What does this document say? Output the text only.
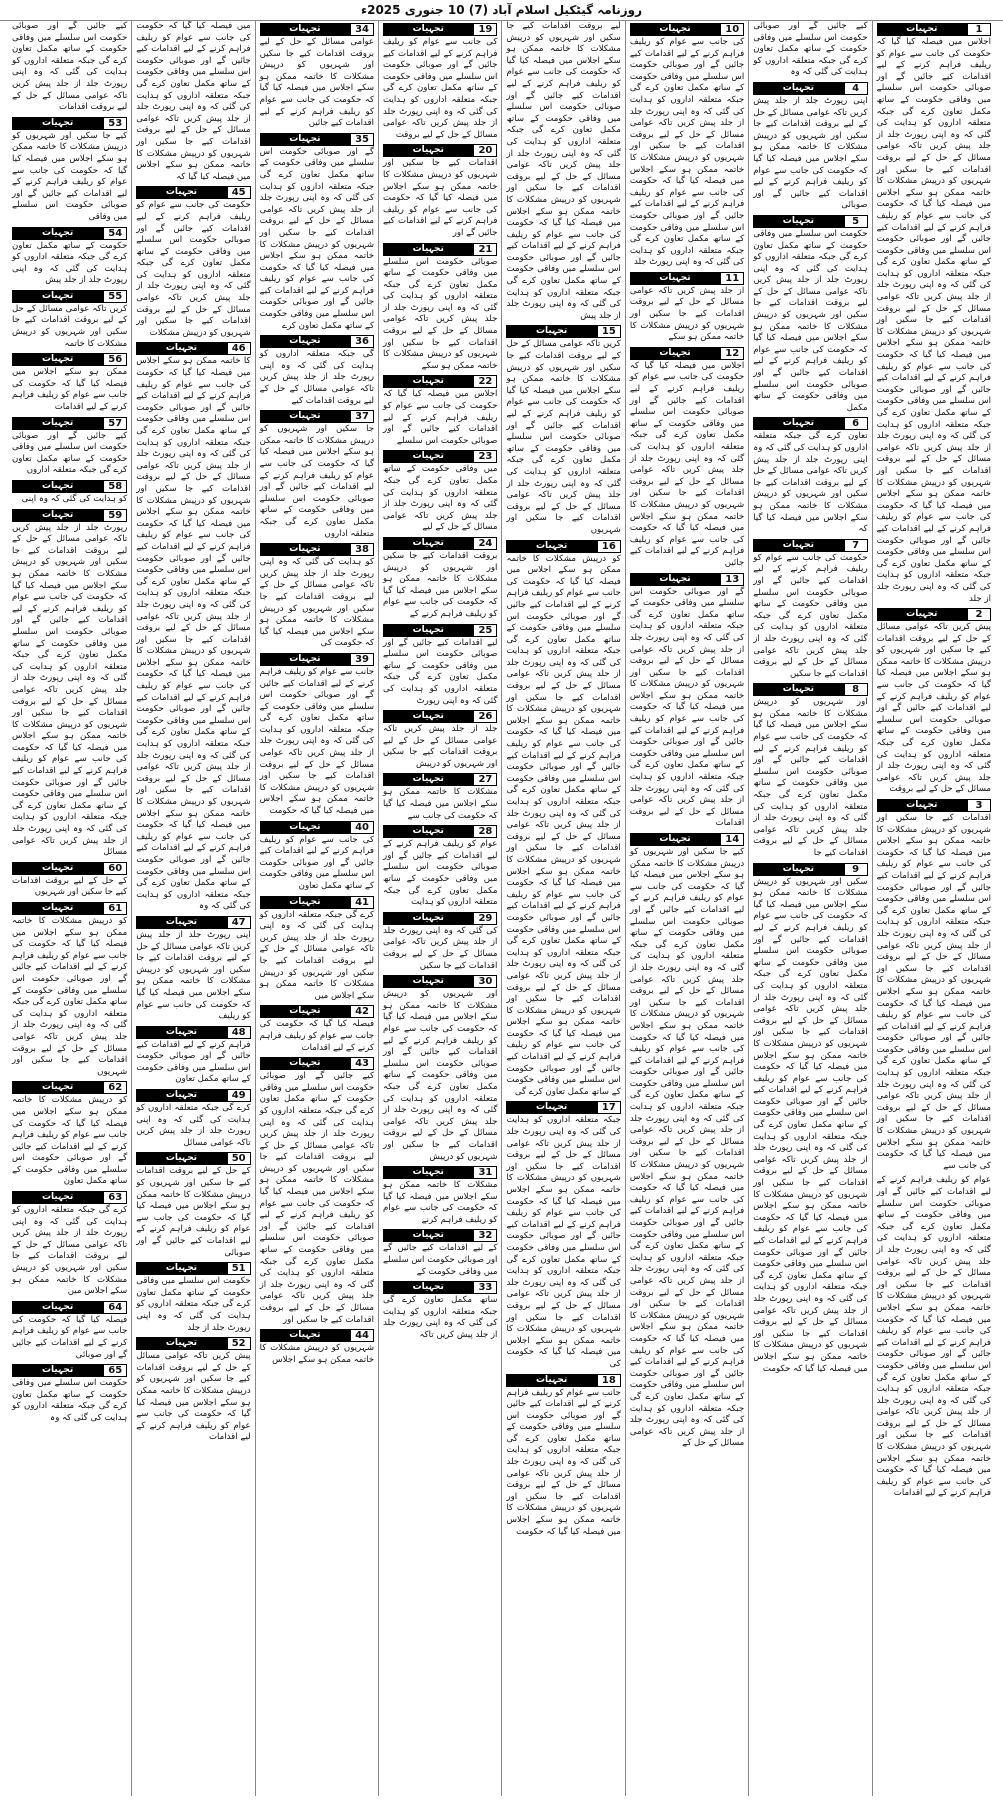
روزنامہ گیٹکیل اسلام آباد (7) 10 جنوری 2025ء
1
تجہیات

اجلاس میں فیصلہ کیا گیا کہ حکومت کی جانب سے عوام کو ریلیف فراہم کرنے کے لیے اقدامات کیے جائیں گے اور صوبائی حکومت اس سلسلے میں وفاقی حکومت کے ساتھ مکمل تعاون کرے گی جبکہ متعلقہ اداروں کو ہدایت کی گئی کہ وہ اپنی رپورٹ جلد از جلد پیش کریں تاکہ عوامی مسائل کے حل کے لیے بروقت اقدامات کیے جا سکیں اور شہریوں کو درپیش مشکلات کا خاتمہ ممکن ہو سکے اجلاس میں فیصلہ کیا گیا کہ حکومت کی جانب سے عوام کو ریلیف فراہم کرنے کے لیے اقدامات کیے جائیں گے اور صوبائی حکومت اس سلسلے میں وفاقی حکومت کے ساتھ مکمل تعاون کرے گی جبکہ متعلقہ اداروں کو ہدایت کی گئی کہ وہ اپنی رپورٹ جلد از جلد پیش کریں تاکہ عوامی مسائل کے حل کے لیے بروقت اقدامات کیے جا سکیں اور شہریوں کو درپیش مشکلات کا خاتمہ ممکن ہو سکے اجلاس میں فیصلہ کیا گیا کہ حکومت کی جانب سے عوام کو ریلیف فراہم کرنے کے لیے اقدامات کیے جائیں گے اور صوبائی حکومت اس سلسلے میں وفاقی حکومت کے ساتھ مکمل تعاون کرے گی جبکہ متعلقہ اداروں کو ہدایت کی گئی کہ وہ اپنی رپورٹ جلد از جلد پیش کریں تاکہ عوامی مسائل کے حل کے لیے بروقت اقدامات کیے جا سکیں اور شہریوں کو درپیش مشکلات کا خاتمہ ممکن ہو سکے اجلاس میں فیصلہ کیا گیا کہ حکومت کی جانب سے عوام کو ریلیف فراہم کرنے کے لیے اقدامات کیے جائیں گے اور صوبائی حکومت اس سلسلے میں وفاقی حکومت کے ساتھ مکمل تعاون کرے گی جبکہ متعلقہ اداروں کو ہدایت کی گئی کہ وہ اپنی رپورٹ جلد از جلد

2
تجہیات

پیش کریں تاکہ عوامی مسائل کے حل کے لیے بروقت اقدامات کیے جا سکیں اور شہریوں کو درپیش مشکلات کا خاتمہ ممکن ہو سکے اجلاس میں فیصلہ کیا گیا کہ حکومت کی جانب سے عوام کو ریلیف فراہم کرنے کے لیے اقدامات کیے جائیں گے اور صوبائی حکومت اس سلسلے میں وفاقی حکومت کے ساتھ مکمل تعاون کرے گی جبکہ متعلقہ اداروں کو ہدایت کی گئی کہ وہ اپنی رپورٹ جلد از جلد پیش کریں تاکہ عوامی مسائل کے حل کے لیے بروقت

3
تجہیات

اقدامات کیے جا سکیں اور شہریوں کو درپیش مشکلات کا خاتمہ ممکن ہو سکے اجلاس میں فیصلہ کیا گیا کہ حکومت کی جانب سے عوام کو ریلیف فراہم کرنے کے لیے اقدامات کیے جائیں گے اور صوبائی حکومت اس سلسلے میں وفاقی حکومت کے ساتھ مکمل تعاون کرے گی جبکہ متعلقہ اداروں کو ہدایت کی گئی کہ وہ اپنی رپورٹ جلد از جلد پیش کریں تاکہ عوامی مسائل کے حل کے لیے بروقت اقدامات کیے جا سکیں اور شہریوں کو درپیش مشکلات کا خاتمہ ممکن ہو سکے اجلاس میں فیصلہ کیا گیا کہ حکومت کی جانب سے عوام کو ریلیف فراہم کرنے کے لیے اقدامات کیے جائیں گے اور صوبائی حکومت اس سلسلے میں وفاقی حکومت کے ساتھ مکمل تعاون کرے گی جبکہ متعلقہ اداروں کو ہدایت کی گئی کہ وہ اپنی رپورٹ جلد از جلد پیش کریں تاکہ عوامی مسائل کے حل کے لیے بروقت اقدامات کیے جا سکیں اور شہریوں کو درپیش مشکلات کا خاتمہ ممکن ہو سکے اجلاس میں فیصلہ کیا گیا کہ حکومت کی جانب سے

عوام کو ریلیف فراہم کرنے کے لیے اقدامات کیے جائیں گے اور صوبائی حکومت اس سلسلے میں وفاقی حکومت کے ساتھ مکمل تعاون کرے گی جبکہ متعلقہ اداروں کو ہدایت کی گئی کہ وہ اپنی رپورٹ جلد از جلد پیش کریں تاکہ عوامی مسائل کے حل کے لیے بروقت اقدامات کیے جا سکیں اور شہریوں کو درپیش مشکلات کا خاتمہ ممکن ہو سکے اجلاس میں فیصلہ کیا گیا کہ حکومت کی جانب سے عوام کو ریلیف فراہم کرنے کے لیے اقدامات کیے جائیں گے اور صوبائی حکومت اس سلسلے میں وفاقی حکومت کے ساتھ مکمل تعاون کرے گی جبکہ متعلقہ اداروں کو ہدایت کی گئی کہ وہ اپنی رپورٹ جلد از جلد پیش کریں تاکہ عوامی مسائل کے حل کے لیے بروقت اقدامات کیے جا سکیں اور شہریوں کو درپیش مشکلات کا خاتمہ ممکن ہو سکے اجلاس میں فیصلہ کیا گیا کہ حکومت کی جانب سے عوام کو ریلیف فراہم کرنے کے لیے اقدامات

کیے جائیں گے اور صوبائی حکومت اس سلسلے میں وفاقی حکومت کے ساتھ مکمل تعاون کرے گی جبکہ متعلقہ اداروں کو ہدایت کی گئی کہ وہ

4
تجہیات

اپنی رپورٹ جلد از جلد پیش کریں تاکہ عوامی مسائل کے حل کے لیے بروقت اقدامات کیے جا سکیں اور شہریوں کو درپیش مشکلات کا خاتمہ ممکن ہو سکے اجلاس میں فیصلہ کیا گیا کہ حکومت کی جانب سے عوام کو ریلیف فراہم کرنے کے لیے اقدامات کیے جائیں گے اور صوبائی

5
تجہیات

حکومت اس سلسلے میں وفاقی حکومت کے ساتھ مکمل تعاون کرے گی جبکہ متعلقہ اداروں کو ہدایت کی گئی کہ وہ اپنی رپورٹ جلد از جلد پیش کریں تاکہ عوامی مسائل کے حل کے لیے بروقت اقدامات کیے جا سکیں اور شہریوں کو درپیش مشکلات کا خاتمہ ممکن ہو سکے اجلاس میں فیصلہ کیا گیا کہ حکومت کی جانب سے عوام کو ریلیف فراہم کرنے کے لیے اقدامات کیے جائیں گے اور صوبائی حکومت اس سلسلے میں وفاقی حکومت کے ساتھ مکمل

6
تجہیات

تعاون کرے گی جبکہ متعلقہ اداروں کو ہدایت کی گئی کہ وہ اپنی رپورٹ جلد از جلد پیش کریں تاکہ عوامی مسائل کے حل کے لیے بروقت اقدامات کیے جا سکیں اور شہریوں کو درپیش مشکلات کا خاتمہ ممکن ہو سکے اجلاس میں فیصلہ کیا گیا کہ

7
تجہیات

حکومت کی جانب سے عوام کو ریلیف فراہم کرنے کے لیے اقدامات کیے جائیں گے اور صوبائی حکومت اس سلسلے میں وفاقی حکومت کے ساتھ مکمل تعاون کرے گی جبکہ متعلقہ اداروں کو ہدایت کی گئی کہ وہ اپنی رپورٹ جلد از جلد پیش کریں تاکہ عوامی مسائل کے حل کے لیے بروقت اقدامات کیے جا سکیں

8
تجہیات

اور شہریوں کو درپیش مشکلات کا خاتمہ ممکن ہو سکے اجلاس میں فیصلہ کیا گیا کہ حکومت کی جانب سے عوام کو ریلیف فراہم کرنے کے لیے اقدامات کیے جائیں گے اور صوبائی حکومت اس سلسلے میں وفاقی حکومت کے ساتھ مکمل تعاون کرے گی جبکہ متعلقہ اداروں کو ہدایت کی گئی کہ وہ اپنی رپورٹ جلد از جلد پیش کریں تاکہ عوامی مسائل کے حل کے لیے بروقت اقدامات کیے جا

9
تجہیات

سکیں اور شہریوں کو درپیش مشکلات کا خاتمہ ممکن ہو سکے اجلاس میں فیصلہ کیا گیا کہ حکومت کی جانب سے عوام کو ریلیف فراہم کرنے کے لیے اقدامات کیے جائیں گے اور صوبائی حکومت اس سلسلے میں وفاقی حکومت کے ساتھ مکمل تعاون کرے گی جبکہ متعلقہ اداروں کو ہدایت کی گئی کہ وہ اپنی رپورٹ جلد از جلد پیش کریں تاکہ عوامی مسائل کے حل کے لیے بروقت اقدامات کیے جا سکیں اور شہریوں کو درپیش مشکلات کا خاتمہ ممکن ہو سکے اجلاس میں فیصلہ کیا گیا کہ حکومت کی جانب سے عوام کو ریلیف فراہم کرنے کے لیے اقدامات کیے جائیں گے اور صوبائی حکومت اس سلسلے میں وفاقی حکومت کے ساتھ مکمل تعاون کرے گی جبکہ متعلقہ اداروں کو ہدایت کی گئی کہ وہ اپنی رپورٹ جلد از جلد پیش کریں تاکہ عوامی مسائل کے حل کے لیے بروقت اقدامات کیے جا سکیں اور شہریوں کو درپیش مشکلات کا خاتمہ ممکن ہو سکے اجلاس میں فیصلہ کیا گیا کہ حکومت کی جانب سے عوام کو ریلیف فراہم کرنے کے لیے اقدامات کیے جائیں گے اور صوبائی حکومت اس سلسلے میں وفاقی حکومت کے ساتھ مکمل تعاون کرے گی جبکہ متعلقہ اداروں کو ہدایت کی گئی کہ وہ اپنی رپورٹ جلد از جلد پیش کریں تاکہ عوامی مسائل کے حل کے لیے بروقت اقدامات کیے جا سکیں اور شہریوں کو درپیش مشکلات کا خاتمہ ممکن ہو سکے اجلاس میں فیصلہ کیا گیا کہ حکومت

10
تجہیات

کی جانب سے عوام کو ریلیف فراہم کرنے کے لیے اقدامات کیے جائیں گے اور صوبائی حکومت اس سلسلے میں وفاقی حکومت کے ساتھ مکمل تعاون کرے گی جبکہ متعلقہ اداروں کو ہدایت کی گئی کہ وہ اپنی رپورٹ جلد از جلد پیش کریں تاکہ عوامی مسائل کے حل کے لیے بروقت اقدامات کیے جا سکیں اور شہریوں کو درپیش مشکلات کا خاتمہ ممکن ہو سکے اجلاس میں فیصلہ کیا گیا کہ حکومت کی جانب سے عوام کو ریلیف فراہم کرنے کے لیے اقدامات کیے جائیں گے اور صوبائی حکومت اس سلسلے میں وفاقی حکومت کے ساتھ مکمل تعاون کرے گی جبکہ متعلقہ اداروں کو ہدایت کی گئی کہ وہ اپنی رپورٹ جلد

11
تجہیات

از جلد پیش کریں تاکہ عوامی مسائل کے حل کے لیے بروقت اقدامات کیے جا سکیں اور شہریوں کو درپیش مشکلات کا خاتمہ ممکن ہو سکے

12
تجہیات

اجلاس میں فیصلہ کیا گیا کہ حکومت کی جانب سے عوام کو ریلیف فراہم کرنے کے لیے اقدامات کیے جائیں گے اور صوبائی حکومت اس سلسلے میں وفاقی حکومت کے ساتھ مکمل تعاون کرے گی جبکہ متعلقہ اداروں کو ہدایت کی گئی کہ وہ اپنی رپورٹ جلد از جلد پیش کریں تاکہ عوامی مسائل کے حل کے لیے بروقت اقدامات کیے جا سکیں اور شہریوں کو درپیش مشکلات کا خاتمہ ممکن ہو سکے اجلاس میں فیصلہ کیا گیا کہ حکومت کی جانب سے عوام کو ریلیف فراہم کرنے کے لیے اقدامات کیے جائیں

13
تجہیات

گے اور صوبائی حکومت اس سلسلے میں وفاقی حکومت کے ساتھ مکمل تعاون کرے گی جبکہ متعلقہ اداروں کو ہدایت کی گئی کہ وہ اپنی رپورٹ جلد از جلد پیش کریں تاکہ عوامی مسائل کے حل کے لیے بروقت اقدامات کیے جا سکیں اور شہریوں کو درپیش مشکلات کا خاتمہ ممکن ہو سکے اجلاس میں فیصلہ کیا گیا کہ حکومت کی جانب سے عوام کو ریلیف فراہم کرنے کے لیے اقدامات کیے جائیں گے اور صوبائی حکومت اس سلسلے میں وفاقی حکومت کے ساتھ مکمل تعاون کرے گی جبکہ متعلقہ اداروں کو ہدایت کی گئی کہ وہ اپنی رپورٹ جلد از جلد پیش کریں تاکہ عوامی مسائل کے حل کے لیے بروقت اقدامات

14
تجہیات

کیے جا سکیں اور شہریوں کو درپیش مشکلات کا خاتمہ ممکن ہو سکے اجلاس میں فیصلہ کیا گیا کہ حکومت کی جانب سے عوام کو ریلیف فراہم کرنے کے لیے اقدامات کیے جائیں گے اور صوبائی حکومت اس سلسلے میں وفاقی حکومت کے ساتھ مکمل تعاون کرے گی جبکہ متعلقہ اداروں کو ہدایت کی گئی کہ وہ اپنی رپورٹ جلد از جلد پیش کریں تاکہ عوامی مسائل کے حل کے لیے بروقت اقدامات کیے جا سکیں اور شہریوں کو درپیش مشکلات کا خاتمہ ممکن ہو سکے اجلاس میں فیصلہ کیا گیا کہ حکومت کی جانب سے عوام کو ریلیف فراہم کرنے کے لیے اقدامات کیے جائیں گے اور صوبائی حکومت اس سلسلے میں وفاقی حکومت کے ساتھ مکمل تعاون کرے گی جبکہ متعلقہ اداروں کو ہدایت کی گئی کہ وہ اپنی رپورٹ جلد از جلد پیش کریں تاکہ عوامی مسائل کے حل کے لیے بروقت اقدامات کیے جا سکیں اور شہریوں کو درپیش مشکلات کا خاتمہ ممکن ہو سکے اجلاس میں فیصلہ کیا گیا کہ حکومت کی جانب سے عوام کو ریلیف فراہم کرنے کے لیے اقدامات کیے جائیں گے اور صوبائی حکومت اس سلسلے میں وفاقی حکومت کے ساتھ مکمل تعاون کرے گی جبکہ متعلقہ اداروں کو ہدایت کی گئی کہ وہ اپنی رپورٹ جلد از جلد پیش کریں تاکہ عوامی مسائل کے حل کے لیے بروقت اقدامات کیے جا سکیں اور شہریوں کو درپیش مشکلات کا خاتمہ ممکن ہو سکے اجلاس میں فیصلہ کیا گیا کہ حکومت کی جانب سے عوام کو ریلیف فراہم کرنے کے لیے اقدامات کیے جائیں گے اور صوبائی حکومت اس سلسلے میں وفاقی حکومت کے ساتھ مکمل تعاون کرے گی جبکہ متعلقہ اداروں کو ہدایت کی گئی کہ وہ اپنی رپورٹ جلد از جلد پیش کریں تاکہ عوامی مسائل کے حل کے

لیے بروقت اقدامات کیے جا سکیں اور شہریوں کو درپیش مشکلات کا خاتمہ ممکن ہو سکے اجلاس میں فیصلہ کیا گیا کہ حکومت کی جانب سے عوام کو ریلیف فراہم کرنے کے لیے اقدامات کیے جائیں گے اور صوبائی حکومت اس سلسلے میں وفاقی حکومت کے ساتھ مکمل تعاون کرے گی جبکہ متعلقہ اداروں کو ہدایت کی گئی کہ وہ اپنی رپورٹ جلد از جلد پیش کریں تاکہ عوامی مسائل کے حل کے لیے بروقت اقدامات کیے جا سکیں اور شہریوں کو درپیش مشکلات کا خاتمہ ممکن ہو سکے اجلاس میں فیصلہ کیا گیا کہ حکومت کی جانب سے عوام کو ریلیف فراہم کرنے کے لیے اقدامات کیے جائیں گے اور صوبائی حکومت اس سلسلے میں وفاقی حکومت کے ساتھ مکمل تعاون کرے گی جبکہ متعلقہ اداروں کو ہدایت کی گئی کہ وہ اپنی رپورٹ جلد از جلد پیش

15
تجہیات

کریں تاکہ عوامی مسائل کے حل کے لیے بروقت اقدامات کیے جا سکیں اور شہریوں کو درپیش مشکلات کا خاتمہ ممکن ہو سکے اجلاس میں فیصلہ کیا گیا کہ حکومت کی جانب سے عوام کو ریلیف فراہم کرنے کے لیے اقدامات کیے جائیں گے اور صوبائی حکومت اس سلسلے میں وفاقی حکومت کے ساتھ مکمل تعاون کرے گی جبکہ متعلقہ اداروں کو ہدایت کی گئی کہ وہ اپنی رپورٹ جلد از جلد پیش کریں تاکہ عوامی مسائل کے حل کے لیے بروقت اقدامات کیے جا سکیں اور شہریوں

16
تجہیات

کو درپیش مشکلات کا خاتمہ ممکن ہو سکے اجلاس میں فیصلہ کیا گیا کہ حکومت کی جانب سے عوام کو ریلیف فراہم کرنے کے لیے اقدامات کیے جائیں گے اور صوبائی حکومت اس سلسلے میں وفاقی حکومت کے ساتھ مکمل تعاون کرے گی جبکہ متعلقہ اداروں کو ہدایت کی گئی کہ وہ اپنی رپورٹ جلد از جلد پیش کریں تاکہ عوامی مسائل کے حل کے لیے بروقت اقدامات کیے جا سکیں اور شہریوں کو درپیش مشکلات کا خاتمہ ممکن ہو سکے اجلاس میں فیصلہ کیا گیا کہ حکومت کی جانب سے عوام کو ریلیف فراہم کرنے کے لیے اقدامات کیے جائیں گے اور صوبائی حکومت اس سلسلے میں وفاقی حکومت کے ساتھ مکمل تعاون کرے گی جبکہ متعلقہ اداروں کو ہدایت کی گئی کہ وہ اپنی رپورٹ جلد از جلد پیش کریں تاکہ عوامی مسائل کے حل کے لیے بروقت اقدامات کیے جا سکیں اور شہریوں کو درپیش مشکلات کا خاتمہ ممکن ہو سکے اجلاس میں فیصلہ کیا گیا کہ حکومت کی جانب سے عوام کو ریلیف فراہم کرنے کے لیے اقدامات کیے جائیں گے اور صوبائی حکومت اس سلسلے میں وفاقی حکومت کے ساتھ مکمل تعاون کرے گی جبکہ متعلقہ اداروں کو ہدایت کی گئی کہ وہ اپنی رپورٹ جلد از جلد پیش کریں تاکہ عوامی مسائل کے حل کے لیے بروقت اقدامات کیے جا سکیں اور شہریوں کو درپیش مشکلات کا خاتمہ ممکن ہو سکے اجلاس میں فیصلہ کیا گیا کہ حکومت کی جانب سے عوام کو ریلیف فراہم کرنے کے لیے اقدامات کیے جائیں گے اور صوبائی حکومت اس سلسلے میں وفاقی حکومت کے ساتھ مکمل تعاون کرے گی

17
تجہیات

جبکہ متعلقہ اداروں کو ہدایت کی گئی کہ وہ اپنی رپورٹ جلد از جلد پیش کریں تاکہ عوامی مسائل کے حل کے لیے بروقت اقدامات کیے جا سکیں اور شہریوں کو درپیش مشکلات کا خاتمہ ممکن ہو سکے اجلاس میں فیصلہ کیا گیا کہ حکومت کی جانب سے عوام کو ریلیف فراہم کرنے کے لیے اقدامات کیے جائیں گے اور صوبائی حکومت اس سلسلے میں وفاقی حکومت کے ساتھ مکمل تعاون کرے گی جبکہ متعلقہ اداروں کو ہدایت کی گئی کہ وہ اپنی رپورٹ جلد از جلد پیش کریں تاکہ عوامی مسائل کے حل کے لیے بروقت اقدامات کیے جا سکیں اور شہریوں کو درپیش مشکلات کا خاتمہ ممکن ہو سکے اجلاس میں فیصلہ کیا گیا کہ حکومت کی

18
تجہیات

جانب سے عوام کو ریلیف فراہم کرنے کے لیے اقدامات کیے جائیں گے اور صوبائی حکومت اس سلسلے میں وفاقی حکومت کے ساتھ مکمل تعاون کرے گی جبکہ متعلقہ اداروں کو ہدایت کی گئی کہ وہ اپنی رپورٹ جلد از جلد پیش کریں تاکہ عوامی مسائل کے حل کے لیے بروقت اقدامات کیے جا سکیں اور شہریوں کو درپیش مشکلات کا خاتمہ ممکن ہو سکے اجلاس میں فیصلہ کیا گیا کہ حکومت

19
تجہیات

کی جانب سے عوام کو ریلیف فراہم کرنے کے لیے اقدامات کیے جائیں گے اور صوبائی حکومت اس سلسلے میں وفاقی حکومت کے ساتھ مکمل تعاون کرے گی جبکہ متعلقہ اداروں کو ہدایت کی گئی کہ وہ اپنی رپورٹ جلد از جلد پیش کریں تاکہ عوامی مسائل کے حل کے لیے بروقت

20
تجہیات

اقدامات کیے جا سکیں اور شہریوں کو درپیش مشکلات کا خاتمہ ممکن ہو سکے اجلاس میں فیصلہ کیا گیا کہ حکومت کی جانب سے عوام کو ریلیف فراہم کرنے کے لیے اقدامات کیے جائیں گے اور

21
تجہیات

صوبائی حکومت اس سلسلے میں وفاقی حکومت کے ساتھ مکمل تعاون کرے گی جبکہ متعلقہ اداروں کو ہدایت کی گئی کہ وہ اپنی رپورٹ جلد از جلد پیش کریں تاکہ عوامی مسائل کے حل کے لیے بروقت اقدامات کیے جا سکیں اور شہریوں کو درپیش مشکلات کا خاتمہ ممکن ہو سکے

22
تجہیات

اجلاس میں فیصلہ کیا گیا کہ حکومت کی جانب سے عوام کو ریلیف فراہم کرنے کے لیے اقدامات کیے جائیں گے اور صوبائی حکومت اس سلسلے

23
تجہیات

میں وفاقی حکومت کے ساتھ مکمل تعاون کرے گی جبکہ متعلقہ اداروں کو ہدایت کی گئی کہ وہ اپنی رپورٹ جلد از جلد پیش کریں تاکہ عوامی مسائل کے حل کے لیے

24
تجہیات

بروقت اقدامات کیے جا سکیں اور شہریوں کو درپیش مشکلات کا خاتمہ ممکن ہو سکے اجلاس میں فیصلہ کیا گیا کہ حکومت کی جانب سے عوام کو ریلیف فراہم کرنے کے

25
تجہیات

لیے اقدامات کیے جائیں گے اور صوبائی حکومت اس سلسلے میں وفاقی حکومت کے ساتھ مکمل تعاون کرے گی جبکہ متعلقہ اداروں کو ہدایت کی گئی کہ وہ اپنی رپورٹ

26
تجہیات

جلد از جلد پیش کریں تاکہ عوامی مسائل کے حل کے لیے بروقت اقدامات کیے جا سکیں اور شہریوں کو درپیش

27
تجہیات

مشکلات کا خاتمہ ممکن ہو سکے اجلاس میں فیصلہ کیا گیا کہ حکومت کی جانب سے

28
تجہیات

عوام کو ریلیف فراہم کرنے کے لیے اقدامات کیے جائیں گے اور صوبائی حکومت اس سلسلے میں وفاقی حکومت کے ساتھ مکمل تعاون کرے گی جبکہ متعلقہ اداروں کو ہدایت

29
تجہیات

کی گئی کہ وہ اپنی رپورٹ جلد از جلد پیش کریں تاکہ عوامی مسائل کے حل کے لیے بروقت اقدامات کیے جا سکیں

30
تجہیات

اور شہریوں کو درپیش مشکلات کا خاتمہ ممکن ہو سکے اجلاس میں فیصلہ کیا گیا کہ حکومت کی جانب سے عوام کو ریلیف فراہم کرنے کے لیے اقدامات کیے جائیں گے اور صوبائی حکومت اس سلسلے میں وفاقی حکومت کے ساتھ مکمل تعاون کرے گی جبکہ متعلقہ اداروں کو ہدایت کی گئی کہ وہ اپنی رپورٹ جلد از جلد پیش کریں تاکہ عوامی مسائل کے حل کے لیے بروقت اقدامات کیے جا سکیں اور شہریوں کو درپیش

31
تجہیات

مشکلات کا خاتمہ ممکن ہو سکے اجلاس میں فیصلہ کیا گیا کہ حکومت کی جانب سے عوام کو ریلیف فراہم کرنے

32
تجہیات

کے لیے اقدامات کیے جائیں گے اور صوبائی حکومت اس سلسلے میں وفاقی حکومت کے

33
تجہیات

ساتھ مکمل تعاون کرے گی جبکہ متعلقہ اداروں کو ہدایت کی گئی کہ وہ اپنی رپورٹ جلد از جلد پیش کریں تاکہ

34
تجہیات

عوامی مسائل کے حل کے لیے بروقت اقدامات کیے جا سکیں اور شہریوں کو درپیش مشکلات کا خاتمہ ممکن ہو سکے اجلاس میں فیصلہ کیا گیا کہ حکومت کی جانب سے عوام کو ریلیف فراہم کرنے کے لیے اقدامات کیے جائیں

35
تجہیات

گے اور صوبائی حکومت اس سلسلے میں وفاقی حکومت کے ساتھ مکمل تعاون کرے گی جبکہ متعلقہ اداروں کو ہدایت کی گئی کہ وہ اپنی رپورٹ جلد از جلد پیش کریں تاکہ عوامی مسائل کے حل کے لیے بروقت اقدامات کیے جا سکیں اور شہریوں کو درپیش مشکلات کا خاتمہ ممکن ہو سکے اجلاس میں فیصلہ کیا گیا کہ حکومت کی جانب سے عوام کو ریلیف فراہم کرنے کے لیے اقدامات کیے جائیں گے اور صوبائی حکومت اس سلسلے میں وفاقی حکومت کے ساتھ مکمل تعاون کرے

36
تجہیات

گی جبکہ متعلقہ اداروں کو ہدایت کی گئی کہ وہ اپنی رپورٹ جلد از جلد پیش کریں تاکہ عوامی مسائل کے حل کے لیے بروقت اقدامات کیے

37
تجہیات

جا سکیں اور شہریوں کو درپیش مشکلات کا خاتمہ ممکن ہو سکے اجلاس میں فیصلہ کیا گیا کہ حکومت کی جانب سے عوام کو ریلیف فراہم کرنے کے لیے اقدامات کیے جائیں گے اور صوبائی حکومت اس سلسلے میں وفاقی حکومت کے ساتھ مکمل تعاون کرے گی جبکہ متعلقہ اداروں

38
تجہیات

کو ہدایت کی گئی کہ وہ اپنی رپورٹ جلد از جلد پیش کریں تاکہ عوامی مسائل کے حل کے لیے بروقت اقدامات کیے جا سکیں اور شہریوں کو درپیش مشکلات کا خاتمہ ممکن ہو سکے اجلاس میں فیصلہ کیا گیا کہ حکومت کی

39
تجہیات

جانب سے عوام کو ریلیف فراہم کرنے کے لیے اقدامات کیے جائیں گے اور صوبائی حکومت اس سلسلے میں وفاقی حکومت کے ساتھ مکمل تعاون کرے گی جبکہ متعلقہ اداروں کو ہدایت کی گئی کہ وہ اپنی رپورٹ جلد از جلد پیش کریں تاکہ عوامی مسائل کے حل کے لیے بروقت اقدامات کیے جا سکیں اور شہریوں کو درپیش مشکلات کا خاتمہ ممکن ہو سکے اجلاس میں فیصلہ کیا گیا کہ حکومت

40
تجہیات

کی جانب سے عوام کو ریلیف فراہم کرنے کے لیے اقدامات کیے جائیں گے اور صوبائی حکومت اس سلسلے میں وفاقی حکومت کے ساتھ مکمل تعاون

41
تجہیات

کرے گی جبکہ متعلقہ اداروں کو ہدایت کی گئی کہ وہ اپنی رپورٹ جلد از جلد پیش کریں تاکہ عوامی مسائل کے حل کے لیے بروقت اقدامات کیے جا سکیں اور شہریوں کو درپیش مشکلات کا خاتمہ ممکن ہو سکے اجلاس میں

42
تجہیات

فیصلہ کیا گیا کہ حکومت کی جانب سے عوام کو ریلیف فراہم کرنے کے لیے اقدامات

43
تجہیات

کیے جائیں گے اور صوبائی حکومت اس سلسلے میں وفاقی حکومت کے ساتھ مکمل تعاون کرے گی جبکہ متعلقہ اداروں کو ہدایت کی گئی کہ وہ اپنی رپورٹ جلد از جلد پیش کریں تاکہ عوامی مسائل کے حل کے لیے بروقت اقدامات کیے جا سکیں اور شہریوں کو درپیش مشکلات کا خاتمہ ممکن ہو سکے اجلاس میں فیصلہ کیا گیا کہ حکومت کی جانب سے عوام کو ریلیف فراہم کرنے کے لیے اقدامات کیے جائیں گے اور صوبائی حکومت اس سلسلے میں وفاقی حکومت کے ساتھ مکمل تعاون کرے گی جبکہ متعلقہ اداروں کو ہدایت کی گئی کہ وہ اپنی رپورٹ جلد از جلد پیش کریں تاکہ عوامی مسائل کے حل کے لیے بروقت اقدامات کیے جا سکیں اور

44
تجہیات

شہریوں کو درپیش مشکلات کا خاتمہ ممکن ہو سکے اجلاس

میں فیصلہ کیا گیا کہ حکومت کی جانب سے عوام کو ریلیف فراہم کرنے کے لیے اقدامات کیے جائیں گے اور صوبائی حکومت اس سلسلے میں وفاقی حکومت کے ساتھ مکمل تعاون کرے گی جبکہ متعلقہ اداروں کو ہدایت کی گئی کہ وہ اپنی رپورٹ جلد از جلد پیش کریں تاکہ عوامی مسائل کے حل کے لیے بروقت اقدامات کیے جا سکیں اور شہریوں کو درپیش مشکلات کا خاتمہ ممکن ہو سکے اجلاس میں فیصلہ کیا گیا کہ

45
تجہیات

حکومت کی جانب سے عوام کو ریلیف فراہم کرنے کے لیے اقدامات کیے جائیں گے اور صوبائی حکومت اس سلسلے میں وفاقی حکومت کے ساتھ مکمل تعاون کرے گی جبکہ متعلقہ اداروں کو ہدایت کی گئی کہ وہ اپنی رپورٹ جلد از جلد پیش کریں تاکہ عوامی مسائل کے حل کے لیے بروقت اقدامات کیے جا سکیں اور شہریوں کو درپیش مشکلات

46
تجہیات

کا خاتمہ ممکن ہو سکے اجلاس میں فیصلہ کیا گیا کہ حکومت کی جانب سے عوام کو ریلیف فراہم کرنے کے لیے اقدامات کیے جائیں گے اور صوبائی حکومت اس سلسلے میں وفاقی حکومت کے ساتھ مکمل تعاون کرے گی جبکہ متعلقہ اداروں کو ہدایت کی گئی کہ وہ اپنی رپورٹ جلد از جلد پیش کریں تاکہ عوامی مسائل کے حل کے لیے بروقت اقدامات کیے جا سکیں اور شہریوں کو درپیش مشکلات کا خاتمہ ممکن ہو سکے اجلاس میں فیصلہ کیا گیا کہ حکومت کی جانب سے عوام کو ریلیف فراہم کرنے کے لیے اقدامات کیے جائیں گے اور صوبائی حکومت اس سلسلے میں وفاقی حکومت کے ساتھ مکمل تعاون کرے گی جبکہ متعلقہ اداروں کو ہدایت کی گئی کہ وہ اپنی رپورٹ جلد از جلد پیش کریں تاکہ عوامی مسائل کے حل کے لیے بروقت اقدامات کیے جا سکیں اور شہریوں کو درپیش مشکلات کا خاتمہ ممکن ہو سکے اجلاس میں فیصلہ کیا گیا کہ حکومت کی جانب سے عوام کو ریلیف فراہم کرنے کے لیے اقدامات کیے جائیں گے اور صوبائی حکومت اس سلسلے میں وفاقی حکومت کے ساتھ مکمل تعاون کرے گی جبکہ متعلقہ اداروں کو ہدایت کی گئی کہ وہ اپنی رپورٹ جلد از جلد پیش کریں تاکہ عوامی مسائل کے حل کے لیے بروقت اقدامات کیے جا سکیں اور شہریوں کو درپیش مشکلات کا خاتمہ ممکن ہو سکے اجلاس میں فیصلہ کیا گیا کہ حکومت کی جانب سے عوام کو ریلیف فراہم کرنے کے لیے اقدامات کیے جائیں گے اور صوبائی حکومت اس سلسلے میں وفاقی حکومت کے ساتھ مکمل تعاون کرے گی جبکہ متعلقہ اداروں کو ہدایت کی گئی کہ وہ

47
تجہیات

اپنی رپورٹ جلد از جلد پیش کریں تاکہ عوامی مسائل کے حل کے لیے بروقت اقدامات کیے جا سکیں اور شہریوں کو درپیش مشکلات کا خاتمہ ممکن ہو سکے اجلاس میں فیصلہ کیا گیا کہ حکومت کی جانب سے عوام کو ریلیف

48
تجہیات

فراہم کرنے کے لیے اقدامات کیے جائیں گے اور صوبائی حکومت اس سلسلے میں وفاقی حکومت کے ساتھ مکمل تعاون

49
تجہیات

کرے گی جبکہ متعلقہ اداروں کو ہدایت کی گئی کہ وہ اپنی رپورٹ جلد از جلد پیش کریں تاکہ عوامی مسائل

50
تجہیات

کے حل کے لیے بروقت اقدامات کیے جا سکیں اور شہریوں کو درپیش مشکلات کا خاتمہ ممکن ہو سکے اجلاس میں فیصلہ کیا گیا کہ حکومت کی جانب سے عوام کو ریلیف فراہم کرنے کے لیے اقدامات کیے جائیں گے اور صوبائی

51
تجہیات

حکومت اس سلسلے میں وفاقی حکومت کے ساتھ مکمل تعاون کرے گی جبکہ متعلقہ اداروں کو ہدایت کی گئی کہ وہ اپنی رپورٹ جلد از جلد

52
تجہیات

پیش کریں تاکہ عوامی مسائل کے حل کے لیے بروقت اقدامات کیے جا سکیں اور شہریوں کو درپیش مشکلات کا خاتمہ ممکن ہو سکے اجلاس میں فیصلہ کیا گیا کہ حکومت کی جانب سے عوام کو ریلیف فراہم کرنے کے لیے اقدامات

کیے جائیں گے اور صوبائی حکومت اس سلسلے میں وفاقی حکومت کے ساتھ مکمل تعاون کرے گی جبکہ متعلقہ اداروں کو ہدایت کی گئی کہ وہ اپنی رپورٹ جلد از جلد پیش کریں تاکہ عوامی مسائل کے حل کے لیے بروقت اقدامات

53
تجہیات

کیے جا سکیں اور شہریوں کو درپیش مشکلات کا خاتمہ ممکن ہو سکے اجلاس میں فیصلہ کیا گیا کہ حکومت کی جانب سے عوام کو ریلیف فراہم کرنے کے لیے اقدامات کیے جائیں گے اور صوبائی حکومت اس سلسلے میں وفاقی

54
تجہیات

حکومت کے ساتھ مکمل تعاون کرے گی جبکہ متعلقہ اداروں کو ہدایت کی گئی کہ وہ اپنی رپورٹ جلد از جلد پیش

55
تجہیات

کریں تاکہ عوامی مسائل کے حل کے لیے بروقت اقدامات کیے جا سکیں اور شہریوں کو درپیش مشکلات کا خاتمہ

56
تجہیات

ممکن ہو سکے اجلاس میں فیصلہ کیا گیا کہ حکومت کی جانب سے عوام کو ریلیف فراہم کرنے کے لیے اقدامات

57
تجہیات

کیے جائیں گے اور صوبائی حکومت اس سلسلے میں وفاقی حکومت کے ساتھ مکمل تعاون کرے گی جبکہ متعلقہ اداروں

58
تجہیات

کو ہدایت کی گئی کہ وہ اپنی

59
تجہیات

رپورٹ جلد از جلد پیش کریں تاکہ عوامی مسائل کے حل کے لیے بروقت اقدامات کیے جا سکیں اور شہریوں کو درپیش مشکلات کا خاتمہ ممکن ہو سکے اجلاس میں فیصلہ کیا گیا کہ حکومت کی جانب سے عوام کو ریلیف فراہم کرنے کے لیے اقدامات کیے جائیں گے اور صوبائی حکومت اس سلسلے میں وفاقی حکومت کے ساتھ مکمل تعاون کرے گی جبکہ متعلقہ اداروں کو ہدایت کی گئی کہ وہ اپنی رپورٹ جلد از جلد پیش کریں تاکہ عوامی مسائل کے حل کے لیے بروقت اقدامات کیے جا سکیں اور شہریوں کو درپیش مشکلات کا خاتمہ ممکن ہو سکے اجلاس میں فیصلہ کیا گیا کہ حکومت کی جانب سے عوام کو ریلیف فراہم کرنے کے لیے اقدامات کیے جائیں گے اور صوبائی حکومت اس سلسلے میں وفاقی حکومت کے ساتھ مکمل تعاون کرے گی جبکہ متعلقہ اداروں کو ہدایت کی گئی کہ وہ اپنی رپورٹ جلد از جلد پیش کریں تاکہ عوامی مسائل

60
تجہیات

کے حل کے لیے بروقت اقدامات کیے جا سکیں اور شہریوں

61
تجہیات

کو درپیش مشکلات کا خاتمہ ممکن ہو سکے اجلاس میں فیصلہ کیا گیا کہ حکومت کی جانب سے عوام کو ریلیف فراہم کرنے کے لیے اقدامات کیے جائیں گے اور صوبائی حکومت اس سلسلے میں وفاقی حکومت کے ساتھ مکمل تعاون کرے گی جبکہ متعلقہ اداروں کو ہدایت کی گئی کہ وہ اپنی رپورٹ جلد از جلد پیش کریں تاکہ عوامی مسائل کے حل کے لیے بروقت اقدامات کیے جا سکیں اور شہریوں

62
تجہیات

کو درپیش مشکلات کا خاتمہ ممکن ہو سکے اجلاس میں فیصلہ کیا گیا کہ حکومت کی جانب سے عوام کو ریلیف فراہم کرنے کے لیے اقدامات کیے جائیں گے اور صوبائی حکومت اس سلسلے میں وفاقی حکومت کے ساتھ مکمل تعاون

63
تجہیات

کرے گی جبکہ متعلقہ اداروں کو ہدایت کی گئی کہ وہ اپنی رپورٹ جلد از جلد پیش کریں تاکہ عوامی مسائل کے حل کے لیے بروقت اقدامات کیے جا سکیں اور شہریوں کو درپیش مشکلات کا خاتمہ ممکن ہو سکے اجلاس میں

64
تجہیات

فیصلہ کیا گیا کہ حکومت کی جانب سے عوام کو ریلیف فراہم کرنے کے لیے اقدامات کیے جائیں گے اور صوبائی

65
تجہیات

حکومت اس سلسلے میں وفاقی حکومت کے ساتھ مکمل تعاون کرے گی جبکہ متعلقہ اداروں کو ہدایت کی گئی کہ وہ
